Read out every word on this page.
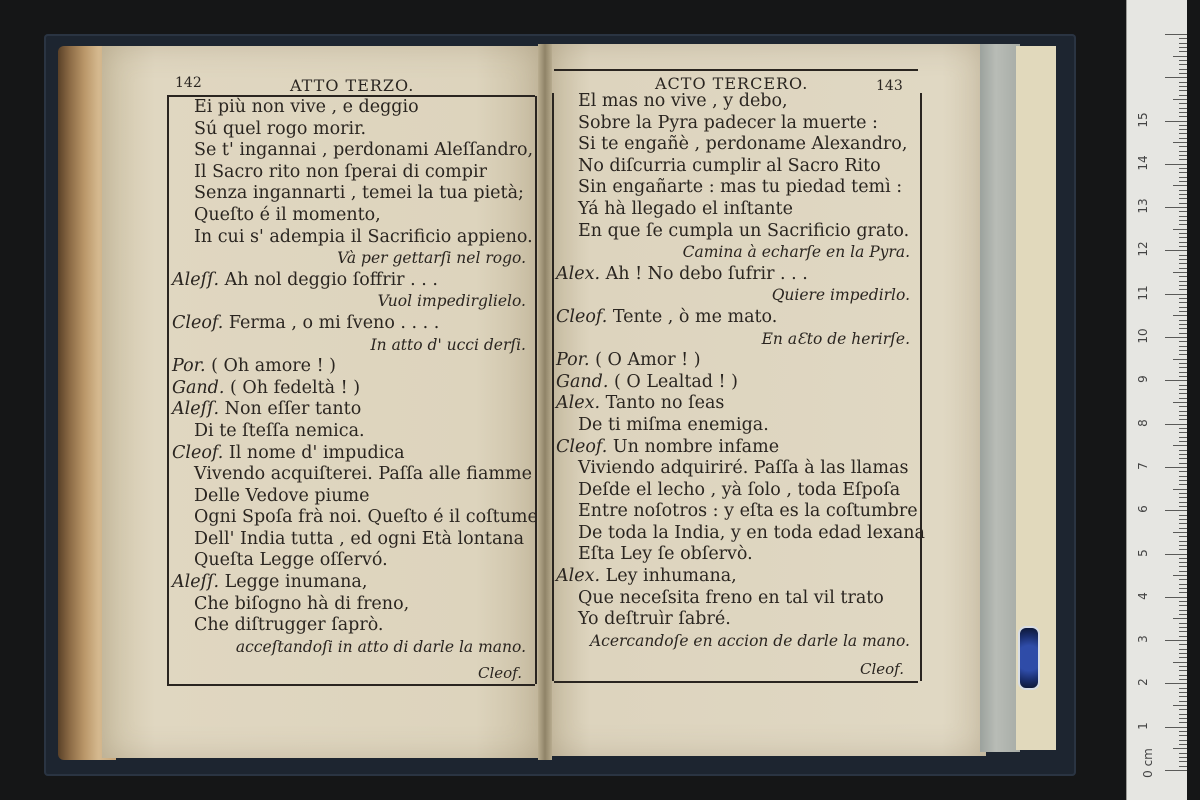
142	ATTO TERZO.
Ei più non vive , e deggio
Sú quel rogo morir.
Se t' ingannai , perdonami Aleſſandro,
Il Sacro rito non ſperai di compir
Senza ingannarti , temei la tua pietà;
Queſto é il momento,
In cui s' adempia il Sacrificio appieno.
Và per gettarſi nel rogo.
Aleſſ. Ah nol deggio ſoffrir . . .
Vuol impedirglielo.
Cleof. Ferma , o mi ſveno . . . .
In atto d' ucci derſi.
Por. ( Oh amore ! )
Gand. ( Oh fedeltà ! )
Aleſſ. Non eſſer tanto
Di te ſteſſa nemica.
Cleof. Il nome d' impudica
Vivendo acquiſterei. Paſſa alle fiamme
Delle Vedove piume
Ogni Spoſa frà noi. Queſto é il coſtume
Dell' India tutta , ed ogni Età lontana
Queſta Legge oſſervó.
Aleſſ. Legge inumana,
Che biſogno hà di freno,
Che diſtrugger ſaprò.
acceſtandoſi in atto di darle la mano.
Cleof.
ACTO TERCERO.	143
El mas no vive , y debo,
Sobre la Pyra padecer la muerte :
Si te engañè , perdoname Alexandro,
No diſcurria cumplir al Sacro Rito
Sin engañarte : mas tu piedad temì :
Yá hà llegado el inſtante
En que ſe cumpla un Sacrificio grato.
Camina à echarſe en la Pyra.
Alex. Ah ! No debo ſufrir . . .
Quiere impedirlo.
Cleof. Tente , ò me mato.
En aƐto de herirſe.
Por. ( O Amor ! )
Gand. ( O Lealtad ! )
Alex. Tanto no ſeas
De ti miſma enemiga.
Cleof. Un nombre infame
Viviendo adquiriré. Paſſa à las llamas
Deſde el lecho , yà ſolo , toda Eſpoſa
Entre noſotros : y eſta es la coſtumbre
De toda la India, y en toda edad lexana
Eſta Ley ſe obſervò.
Alex. Ley inhumana,
Que neceſsita freno en tal vil trato
Yo deſtruìr ſabré.
Acercandoſe en accion de darle la mano.
Cleof.
0 cm
1
2
3
4
5
6
7
8
9
10
11
12
13
14
15
